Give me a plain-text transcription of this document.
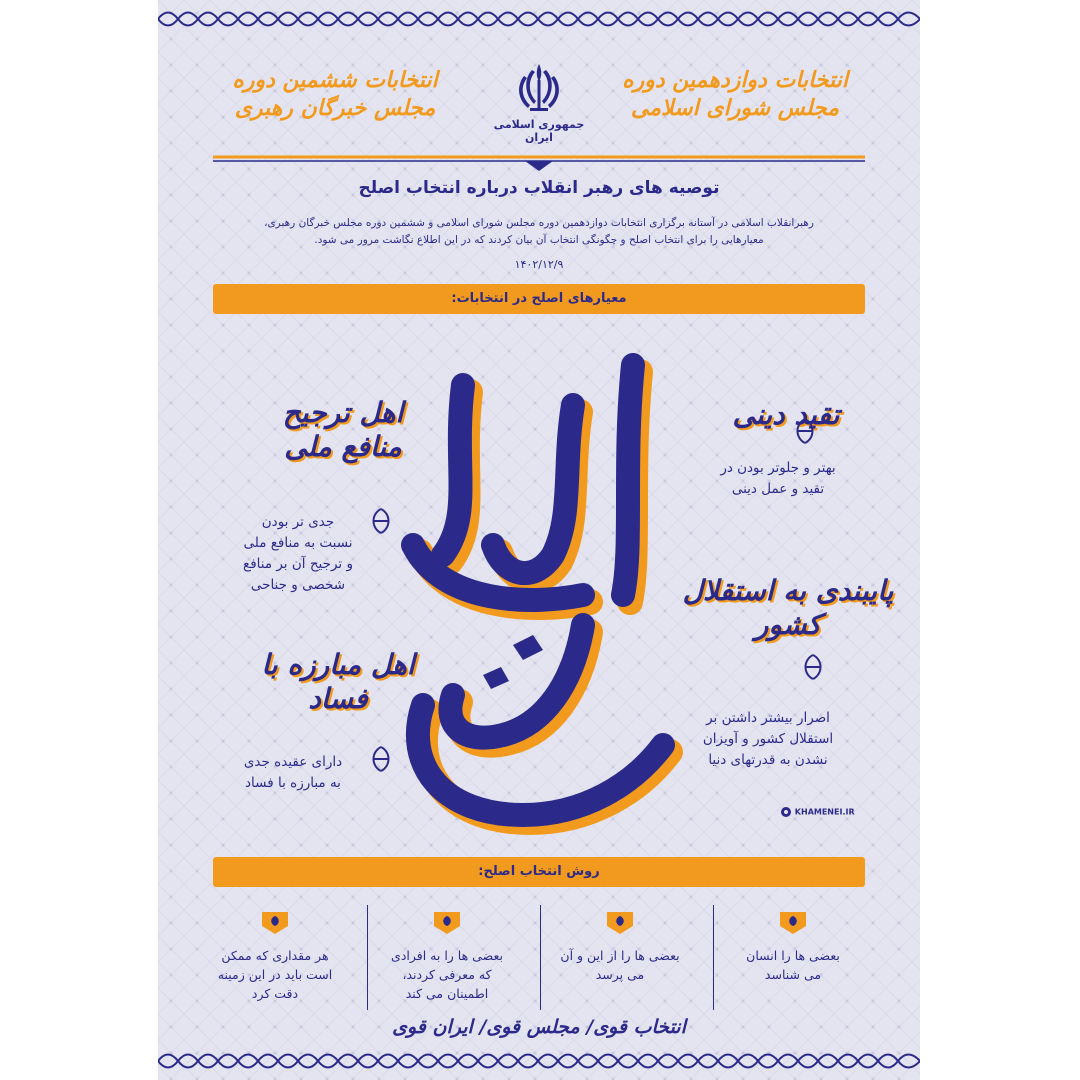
انتخابات دوازدهمین دوره مجلس شورای اسلامی
جمهوری اسلامی ایران
انتخابات ششمین دوره مجلس خبرگان رهبری
توصیه های رهبر انقلاب درباره انتخاب اصلح
رهبرانقلاب اسلامی در آستانه برگزاری انتخابات دوازدهمین دوره مجلس شورای اسلامی و ششمین دوره مجلس خبرگان رهبری،
معیارهایی را برای انتخاب اصلح و چگونگی انتخاب آن بیان کردند که در این اطلاع نگاشت مرور می شود.
۱۴۰۲/۱۲/۹
معیارهای اصلح در انتخابات:
تقید دینی
بهتر و جلوتر بودن در
تقید و عمل دینی
پایبندی به استقلال کشور
اصرار بیشتر داشتن بر
استقلال کشور و آویزان
نشدن به قدرتهای دنیا
اهل ترجیح منافع ملی
جدی تر بودن
نسبت به منافع ملی
و ترجیح آن بر منافع
شخصی و جناحی
اهل مبارزه با فساد
دارای عقیده جدی
به مبارزه با فساد
KHAMENEI.IR
روش انتخاب اصلح:
بعضی ها را انسان
می شناسد
بعضی ها را از این و آن
می پرسد
بعضی ها را به افرادی
که معرفی کردند،
اطمینان می کند
هر مقداری که ممکن
است باید در این زمینه
دقت کرد
انتخاب قوی/ مجلس قوی/ ایران قوی
